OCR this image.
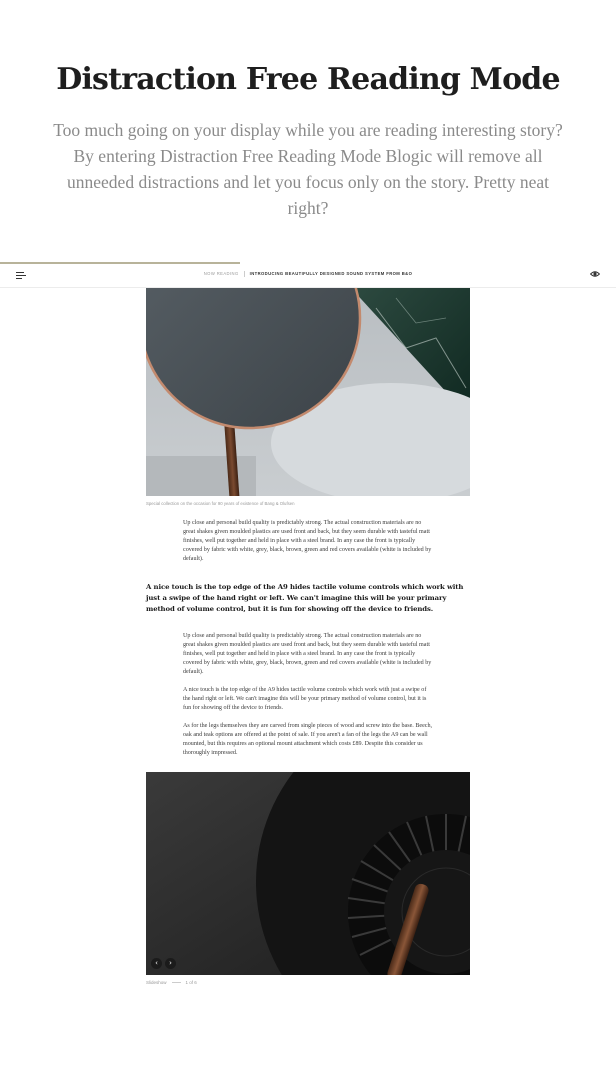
Distraction Free Reading Mode

Too much going on your display while you are reading interesting story? By entering Distraction Free Reading Mode Blogic will remove all unneeded distractions and let you focus only on the story. Pretty neat right?

NOW READING	INTRODUCING BEAUTIFULLY DESIGNED SOUND SYSTEM FROM B&O
Special collection on the occasion for 90 years of existence of Bang & Olufsen

Up close and personal build quality is predictably strong. The actual construction materials are no great shakes given moulded plastics are used front and back, but they seem durable with tasteful matt finishes, well put together and held in place with a steel brand. In any case the front is typically covered by fabric with white, grey, black, brown, green and red covers available (white is included by default).

A nice touch is the top edge of the A9 hides tactile volume controls which work with just a swipe of the hand right or left. We can't imagine this will be your primary method of volume control, but it is fun for showing off the device to friends.

Up close and personal build quality is predictably strong. The actual construction materials are no great shakes given moulded plastics are used front and back, but they seem durable with tasteful matt finishes, well put together and held in place with a steel brand. In any case the front is typically covered by fabric with white, grey, black, brown, green and red covers available (white is included by default).

A nice touch is the top edge of the A9 hides tactile volume controls which work with just a swipe of the hand right or left. We can't imagine this will be your primary method of volume control, but it is fun for showing off the device to friends.

As for the legs themselves they are carved from single pieces of wood and screw into the base. Beech, oak and teak options are offered at the point of sale. If you aren't a fan of the legs the A9 can be wall mounted, but this requires an optional mount attachment which costs £89. Despite this consider us thoroughly impressed.

‹	›
Slideshow	1 of 6
